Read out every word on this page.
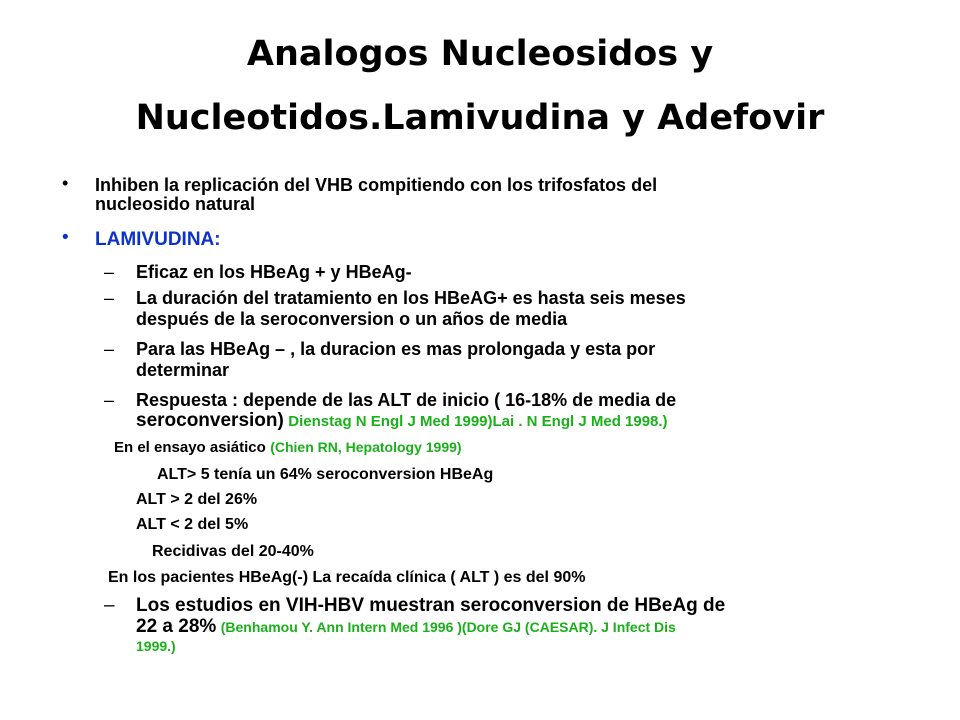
Analogos Nucleosidos y
Nucleotidos.Lamivudina y Adefovir
• Inhiben la replicación del VHB compitiendo con los trifosfatos del
nucleosido natural
• LAMIVUDINA:
– Eficaz en los HBeAg + y HBeAg-
– La duración del tratamiento en los HBeAG+ es hasta seis meses
después de la seroconversion o un años de media
– Para las HBeAg – , la duracion es mas prolongada y esta por
determinar
– Respuesta : depende de las ALT de inicio ( 16-18% de media de
seroconversion) Dienstag N Engl J Med 1999)Lai . N Engl J Med 1998.)
En el ensayo asiático (Chien RN, Hepatology 1999)
ALT> 5 tenía un 64% seroconversion HBeAg
ALT > 2 del 26%
ALT < 2 del 5%
Recidivas del 20-40%
En los pacientes HBeAg(-) La recaída clínica ( ALT ) es del 90%
– Los estudios en VIH-HBV muestran seroconversion de HBeAg de
22 a 28% (Benhamou Y. Ann Intern Med 1996 )(Dore GJ (CAESAR). J Infect Dis
1999.)
